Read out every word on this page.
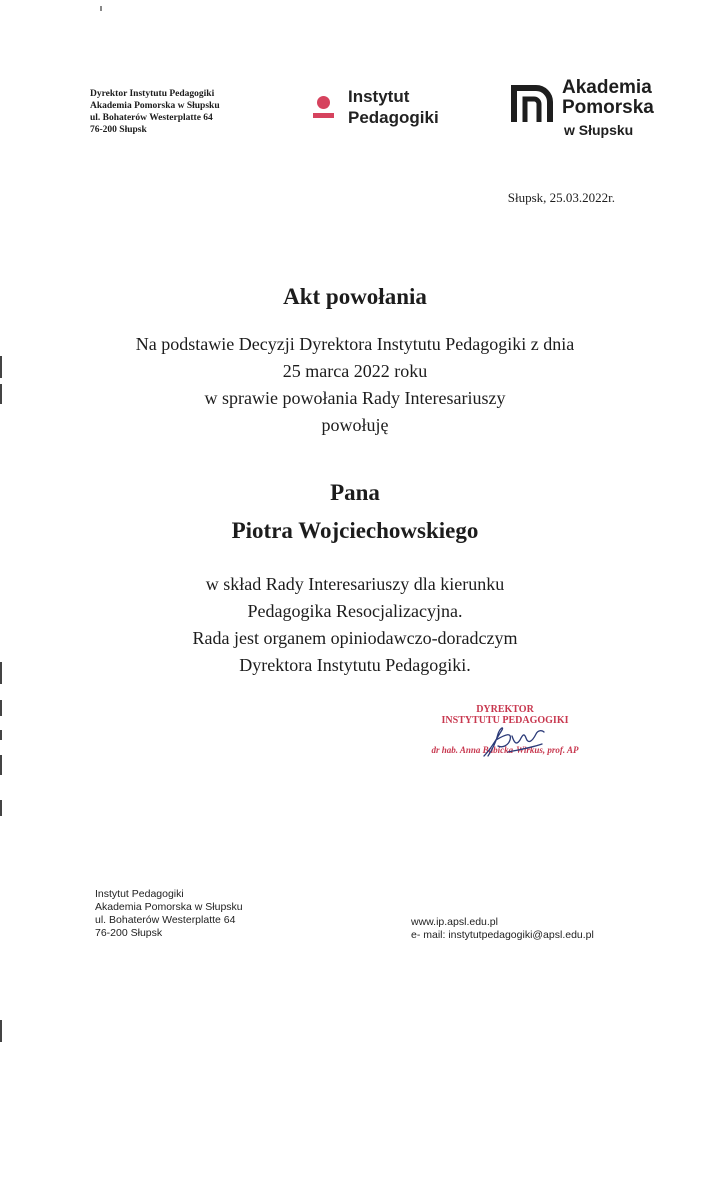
Dyrektor Instytutu Pedagogiki
Akademia Pomorska w Słupsku
ul. Bohaterów Westerplatte 64
76-200 Słupsk
Instytut
Pedagogiki
Akademia
Pomorska
w Słupsku
Słupsk, 25.03.2022r.
Akt powołania
Na podstawie Decyzji Dyrektora Instytutu Pedagogiki z dnia
25 marca 2022 roku
w sprawie powołania Rady Interesariuszy
powołuję
Pana
Piotra Wojciechowskiego
w skład Rady Interesariuszy dla kierunku
Pedagogika Resocjalizacyjna.
Rada jest organem opiniodawczo-doradczym
Dyrektora Instytutu Pedagogiki.
DYREKTOR
INSTYTUTU PEDAGOGIKI
dr hab. Anna Babicka-Wirkus, prof. AP
Instytut Pedagogiki
Akademia Pomorska w Słupsku
ul. Bohaterów Westerplatte 64
76-200 Słupsk
www.ip.apsl.edu.pl
e- mail: instytutpedagogiki@apsl.edu.pl
